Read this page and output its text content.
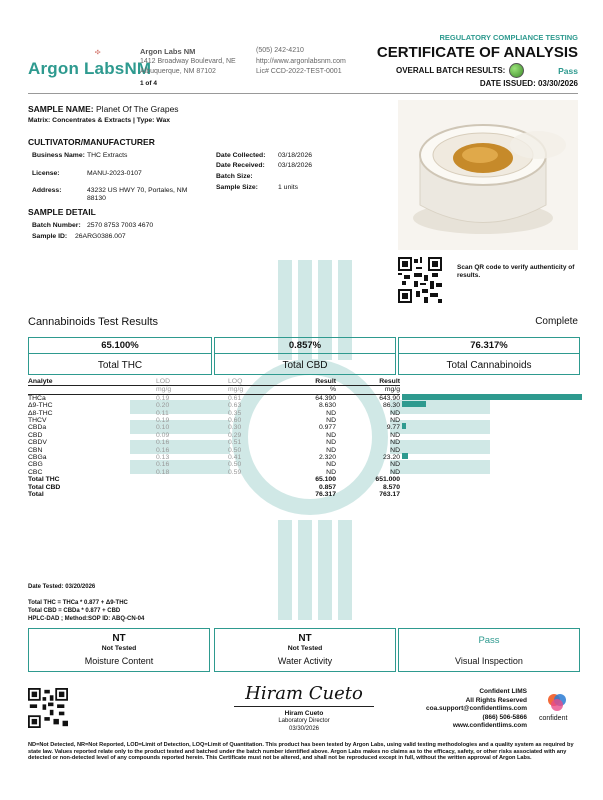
Argon LabsNM
Argon Labs NM
1412 Broadway Boulevard, NE
Albuquerque, NM 87102
1 of 4
(505) 242-4210
http://www.argonlabsnm.com
Lic# CCD-2022-TEST-0001
REGULATORY COMPLIANCE TESTING
CERTIFICATE OF ANALYSIS
OVERALL BATCH RESULTS:	Pass
DATE ISSUED: 03/30/2026
SAMPLE NAME: Planet Of The Grapes
Matrix: Concentrates & Extracts | Type: Wax
CULTIVATOR/MANUFACTURER
Business Name: THC Extracts
License:	MANU-2023-0107
Address:	43232 US HWY 70, Portales, NM
88130
Date Collected: 03/18/2026
Date Received: 03/18/2026
Batch Size:
Sample Size:	1 units
SAMPLE DETAIL
Batch Number: 2570 8753 7003 4670
Sample ID: 26ARG0386.007
Scan QR code to verify authenticity of results.
Cannabinoids Test Results	Complete
65.100%
Total THC
0.857%
Total CBD
76.317%
Total Cannabinoids
Analyte	LOD	LOQ	Result	Result
	mg/g	mg/g	%	mg/g
THCa	0.19	0.61	64.390	643.90
Δ9-THC	0.20	0.63	8.630	86.30
Δ8-THC	0.11	0.35	ND	ND
THCV	0.19	0.60	ND	ND
CBDa	0.10	0.30	0.977	9.77
CBD	0.09	0.29	ND	ND
CBDV	0.16	0.51	ND	ND
CBN	0.16	0.50	ND	ND
CBGa	0.13	0.41	2.320	23.20
CBG	0.16	0.50	ND	ND
CBC	0.18	0.59	ND	ND
Total THC			65.100	651.000
Total CBD			0.857	8.570
Total			76.317	763.17
Date Tested: 03/20/2026
Total THC = THCa * 0.877 + Δ9-THC
Total CBD = CBDa * 0.877 + CBD
HPLC-DAD ; Method:SOP ID: ABQ-CN-04
NT
Not Tested
Moisture Content
NT
Not Tested
Water Activity
Pass
Visual Inspection
Hiram Cueto
Hiram Cueto
Laboratory Director
03/30/2026
Confident LIMS
All Rights Reserved
coa.support@confidentlims.com
(866) 506-5866
www.confidentlims.com
confident
ND=Not Detected, NR=Not Reported, LOD=Limit of Detection, LOQ=Limit of Quantitation. This product has been tested by Argon Labs, using valid testing methodologies and a quality system as required by state law. Values reported relate only to the product tested and batched under the batch number identified above. Argon Labs makes no claims as to the efficacy, safety, or other risks associated with any detected or non-detected level of any compounds reported herein. This Certificate must not be altered, and shall not be reproduced except in full, without the written approval of Argon Labs.
